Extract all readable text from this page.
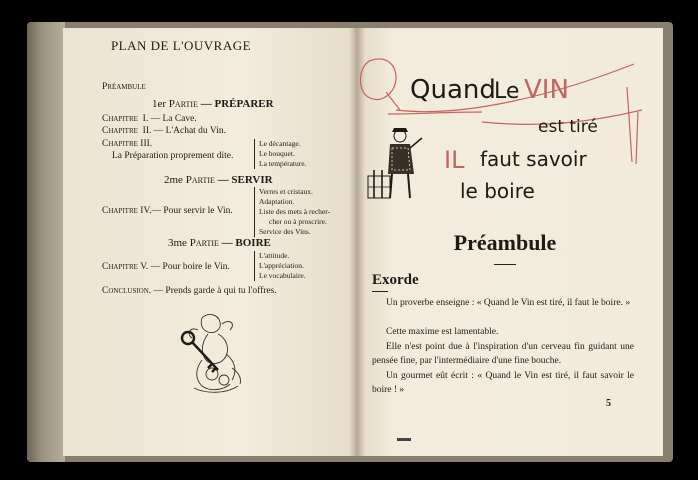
PLAN DE L'OUVRAGE
Préambule
1er Partie — PRÉPARER
Chapitre I. — La Cave.
Chapitre II. — L'Achat du Vin.
Chapitre III.
La Préparation proprement dite.
Le décantage.
Le bouquet.
La température.
2me Partie — SERVIR
Verres et cristaux.
Adaptation.
Liste des mets à recher-
cher ou à proscrire.
Service des Vins.
Chapitre IV.— Pour servir le Vin.
3me Partie — BOIRE
L'attitude.
L'appréciation.
Le vocabulaire.
Chapitre V. — Pour boire le Vin.
Conclusion. — Prends garde à qui tu l'offres.
Quand
Le VIN
est tiré
IL faut savoir
le boire
Préambule
Exorde
Un proverbe enseigne : « Quand le Vin est tiré, il faut le boire. »
Cette maxime est lamentable.
Elle n'est point due à l'inspiration d'un cerveau fin guidant une pensée fine, par l'intermédiaire d'une fine bouche.
Un gourmet eût écrit : « Quand le Vin est tiré, il faut savoir le boire ! »
5
